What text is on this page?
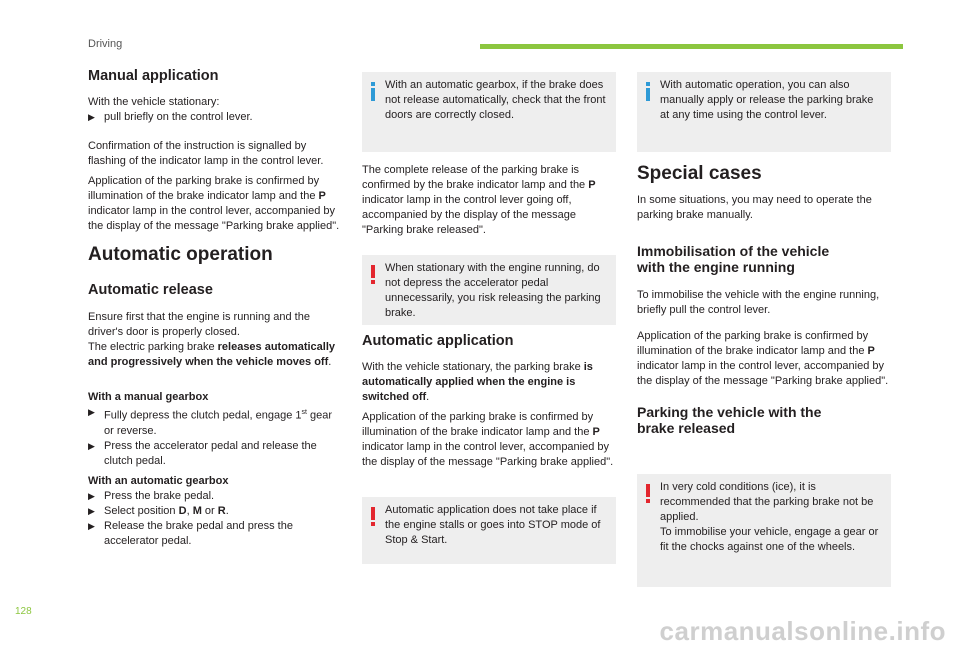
Driving
128
carmanualsonline.info
Manual application

With the vehicle stationary:

▶ pull briefly on the control lever.

Confirmation of the instruction is signalled by flashing of the indicator lamp in the control lever.

Application of the parking brake is confirmed by illumination of the brake indicator lamp and the P indicator lamp in the control lever, accompanied by the display of the message "Parking brake applied".

Automatic operation
Automatic release

Ensure first that the engine is running and the driver's door is properly closed.

The electric parking brake releases automatically and progressively when the vehicle moves off.

With a manual gearbox

▶ Fully depress the clutch pedal, engage 1st gear or reverse.
▶ Press the accelerator pedal and release the clutch pedal.

With an automatic gearbox

▶ Press the brake pedal.
▶ Select position D, M or R.
▶ Release the brake pedal and press the accelerator pedal.
With an automatic gearbox, if the brake does not release automatically, check that the front doors are correctly closed.

The complete release of the parking brake is confirmed by the brake indicator lamp and the P indicator lamp in the control lever going off, accompanied by the display of the message "Parking brake released".

When stationary with the engine running, do not depress the accelerator pedal unnecessarily, you risk releasing the parking brake.
Automatic application

With the vehicle stationary, the parking brake is automatically applied when the engine is switched off.

Application of the parking brake is confirmed by illumination of the brake indicator lamp and the P indicator lamp in the control lever, accompanied by the display of the message "Parking brake applied".

Automatic application does not take place if the engine stalls or goes into STOP mode of Stop & Start.
With automatic operation, you can also manually apply or release the parking brake at any time using the control lever.
Special cases

In some situations, you may need to operate the parking brake manually.

Immobilisation of the vehicle
with the engine running

To immobilise the vehicle with the engine running, briefly pull the control lever.

Application of the parking brake is confirmed by illumination of the brake indicator lamp and the P indicator lamp in the control lever, accompanied by the display of the message "Parking brake applied".

Parking the vehicle with the
brake released
In very cold conditions (ice), it is recommended that the parking brake not be applied.
To immobilise your vehicle, engage a gear or fit the chocks against one of the wheels.
